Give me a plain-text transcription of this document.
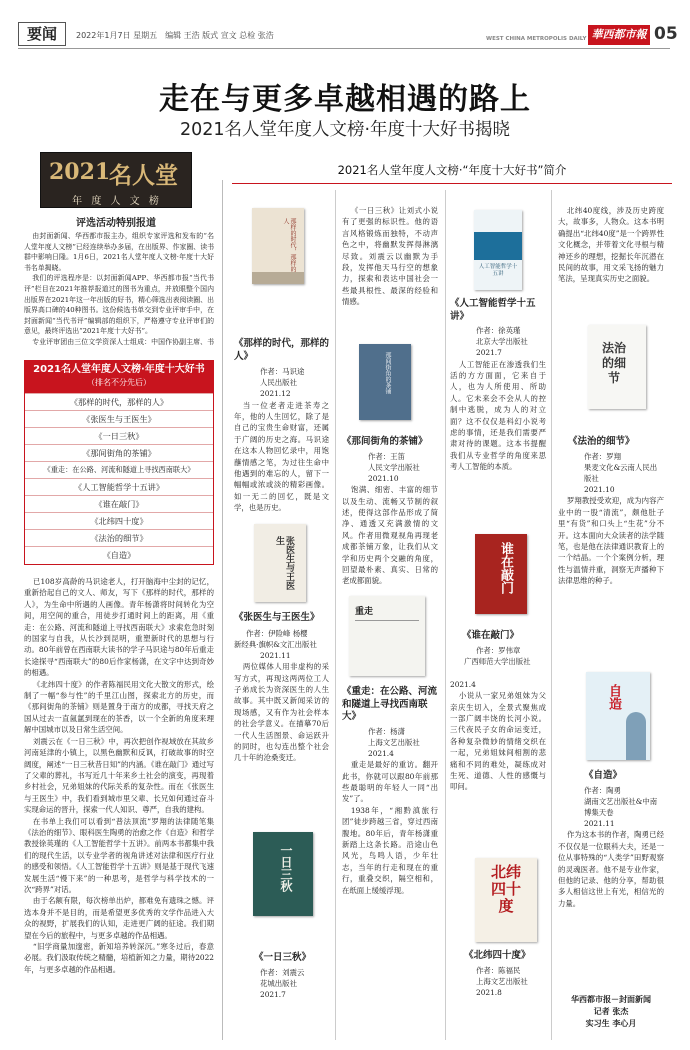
要闻	2022年1月7日 星期五　编辑 王浩 版式 宣文 总检 张浩	WEST CHINA METROPOLIS DAILY 華西都市報 05
走在与更多卓越相遇的路上
2021名人堂年度人文榜·年度十大好书揭晓
2021
名人堂
年 度 人 文 榜
评选活动特别报道

由封面新闻、华西都市报主办，组织专家评选和发布的“名人堂年度人文榜”已经连续举办多届，在出版界、作家圈、读书群中影响日隆。1月6日，2021名人堂年度人文榜·年度十大好书名单揭晓。

我们的评选程序是：以封面新闻APP、华西都市报“当代书评”栏目在2021年推荐报道过的图书为重点，并放眼整个国内出版界在2021年这一年出版的好书，精心筛选出表阅读圈、出版界高口碑的40种图书。这份候选书单交到专业评审手中，在封面新闻“当代书评”编辑部的组织下，严格遵守专业评审们的意见，最终评选出“2021年度十大好书”。

专业评审团由三位文学资深人士组成：中国作协副主席、书

2021名人堂年度人文榜·年度十大好书
（排名不分先后）
《那样的时代，那样的人》
《张医生与王医生》
《一日三秋》
《那间街角的茶铺》
《重走：在公路、河流和隧道上寻找西南联大》
《人工智能哲学十五讲》
《谁在敲门》
《北纬四十度》
《法治的细节》
《自造》

已108岁高龄的马识途老人，打开脑海中尘封的记忆，重新拾起自己的文人、师友，写下《那样的时代，那样的人》，为生命中所遇的人画像。青年杨潇将时间转化为空间，用空间的重合，用徒步打通时间上的距离，用《重走：在公路、河流和隧道上寻找西南联大》求索危急时刻的国家与自我，从长沙到昆明，重塑新时代的思想与行动。80年前曾在西南联大读书的学子马识途与80年后重走长途探寻“西南联大”的80后作家杨潇，在文字中达到奇妙的相遇。

《北纬四十度》的作者陈福民用文化大散文的形式，绘制了一幅“参与性”的千里江山图，探索北方的历史，而《那间街角的茶铺》则是置身于南方的成都，寻找天府之国从过去一直氤氲到现在的茶香，以一个全新的角度来理解中国城市以及日常生活空间。

刘震云在《一日三秋》中，再次把创作视域放在其故乡河南延津的小镇上，以黑色幽默和反讽，打破故事的时空阔度，阐述“一日三秋昔日知”的内涵。《谁在敲门》通过写了父辈的葬礼，书写近几十年来乡土社会的演变，再现着乡村社会，兄弟姐妹的代际关系的复杂性。而在《张医生与王医生》中，我们看到城市里父辈、长兄如何通过奋斗实现命运的晋升，探索一代人知识、尊严，自我的建构。

在书单上我们可以看到“普法顶流”罗翔的法律随笔集《法治的细节》、眼科医生陶勇的治愈之作《自造》和哲学教授徐英瑾的《人工智能哲学十五讲》。前两本书都集中我们的现代生活，以专业学者的视角讲述对法律和医疗行业的感受和领悟。《人工智能哲学十五讲》则是基于现代飞速发展生活“慢下来”的一种思考，是哲学与科学技术的一次“跨界”对话。

由于名额有限，每次榜单出炉，都难免有遗珠之憾。评选本身并不是目的，而是希望更多优秀的文学作品进入大众的视野，扩展我们的认知，走进更广阔的征途。我们期望在今后的旅程中，与更多卓越的作品相遇。

“旧学商量加邃密，新知培养转深沉。”寒冬过后，春意必展。我们汲取传统之精髓，培植新知之力量，期待2022年，与更多卓越的作品相遇。

2021名人堂年度人文榜·“年度十大好书”简介
那样的时代，那样的人
《那样的时代，那样的人》
作者：马识途
人民出版社
2021.12

当一位老者走进茶寿之年，他的人生回忆，除了是自己的宝贵生命财富，还属于广阔的历史之海。马识途在这本人物回忆录中，用饱蘸情感之笔，为过往生命中他遇到的难忘的人，留下一幅幅或浓或淡的精彩画像。如一无二的回忆，既是文学，也是历史。

张医生与王医生
《张医生与王医生》
作者：伊险峰 杨樱
新经典·旗帜&文汇出版社
2021.11

两位媒体人用非虚构的采写方式，再现这两两位工人子弟成长为资深医生的人生故事。其中既又新闻采访的现场感，又有作为社会样本的社会学意义。在描摹70后一代人生活图景、命运跃升的同时，也勾连出整个社会几十年的沧桑变迁。

一日三秋
《一日三秋》
作者：刘震云
花城出版社
2021.7

《一日三秋》让刘式小说有了更强的标识性。他的语言风格锻炼而独特，不动声色之中，将幽默发挥得淋漓尽致。刘震云以幽默为手段，发挥他天马行空的想象力，探索和表达中国社会一些最具根性、最深的经验和情感。

那间街角的茶铺
《那间街角的茶铺》
作者：王笛
人民文学出版社
2021.10

饱满、细密、丰富的细节以及生动、流畅又节制的叙述，使得这部作品形成了简净、通透又充满激情的文风。作者用微观视角再现老成都茶铺万象，让我们从文学和历史两个交融的角度，回望最朴素、真实、日常的老成都面貌。

重走
《重走：在公路、河流和隧道上寻找西南联大》
作者：杨潇
上海文艺出版社
2021.4

重走是最好的重访。翻开此书，你就可以跟80年前那些最聪明的年轻人一同“出发”了。

1938年，“湘黔滇旅行团”徒步跨越三省，穿过西南腹地。80年后，青年杨潇重新踏上这条长路。沿途山色风光，鸟鸣人语，少年壮志，当年的行走和现在的重行，重叠交织，隔空相和，在纸面上缓缓浮现。

人工智能哲学十五讲
《人工智能哲学十五讲》
作者：徐英瑾
北京大学出版社
2021.7

人工智能正在渗透我们生活的方方面面，它来自于人，也为人所使用、所助人。它未来会不会从人的控制中逃脱，成为人的对立面？这不仅仅是科幻小说考虑的事情，还是我们需要严肃对待的课题。这本书提醒我们从专业哲学的角度来思考人工智能的本质。

谁在敲门
《谁在敲门》
作者：罗伟章
广西师范大学出版社
2021.4

小说从一家兄弟姐妹为父亲庆生切入，全景式聚焦成一部广阔丰饶的长河小说。三代夜民子女的命运变迁，各种复杂微妙的情绪交织在一起，兄弟姐妹间相割的悲痛和不同的难处，凝练成对生死、道德、人性的感慨与叩问。

北纬四十度
《北纬四十度》
作者：陈福民
上海文艺出版社
2021.8

北纬40度线，涉及历史跨度大，故事多，人物众。这本书明确提出“北纬40度”是一个跨界性文化概念，并带着文化寻根与精神还乡的理想，挖掘长年沉潜在民间的故事，用文采飞扬的魅力笔法，呈现真实历史之面貌。

法治的细节
《法治的细节》
作者：罗翔
果麦文化&云南人民出版社
2021.10

罗翔教授受欢迎，成为内容产业中的一股“清流”，颇他肚子里“有货”和口头上“生花”分不开。这本面向大众读者的法学随笔，也是他在法律通识教育上的一个结晶。一个个案例分析，理性与温情并重，洞察无声播种下法律思维的种子。

自造
《自造》
作者：陶勇
湖南文艺出版社&中南博集天卷
2021.11

作为这本书的作者，陶勇已经不仅仅是一位眼科大夫，还是一位从事特殊的“人类学”田野观察的灵魂医者。他不是专业作家，但他的记录、他的分享，帮助很多人相信这世上有光，相信光的力量。

华西都市报－封面新闻
记者 张杰
实习生 李心月
